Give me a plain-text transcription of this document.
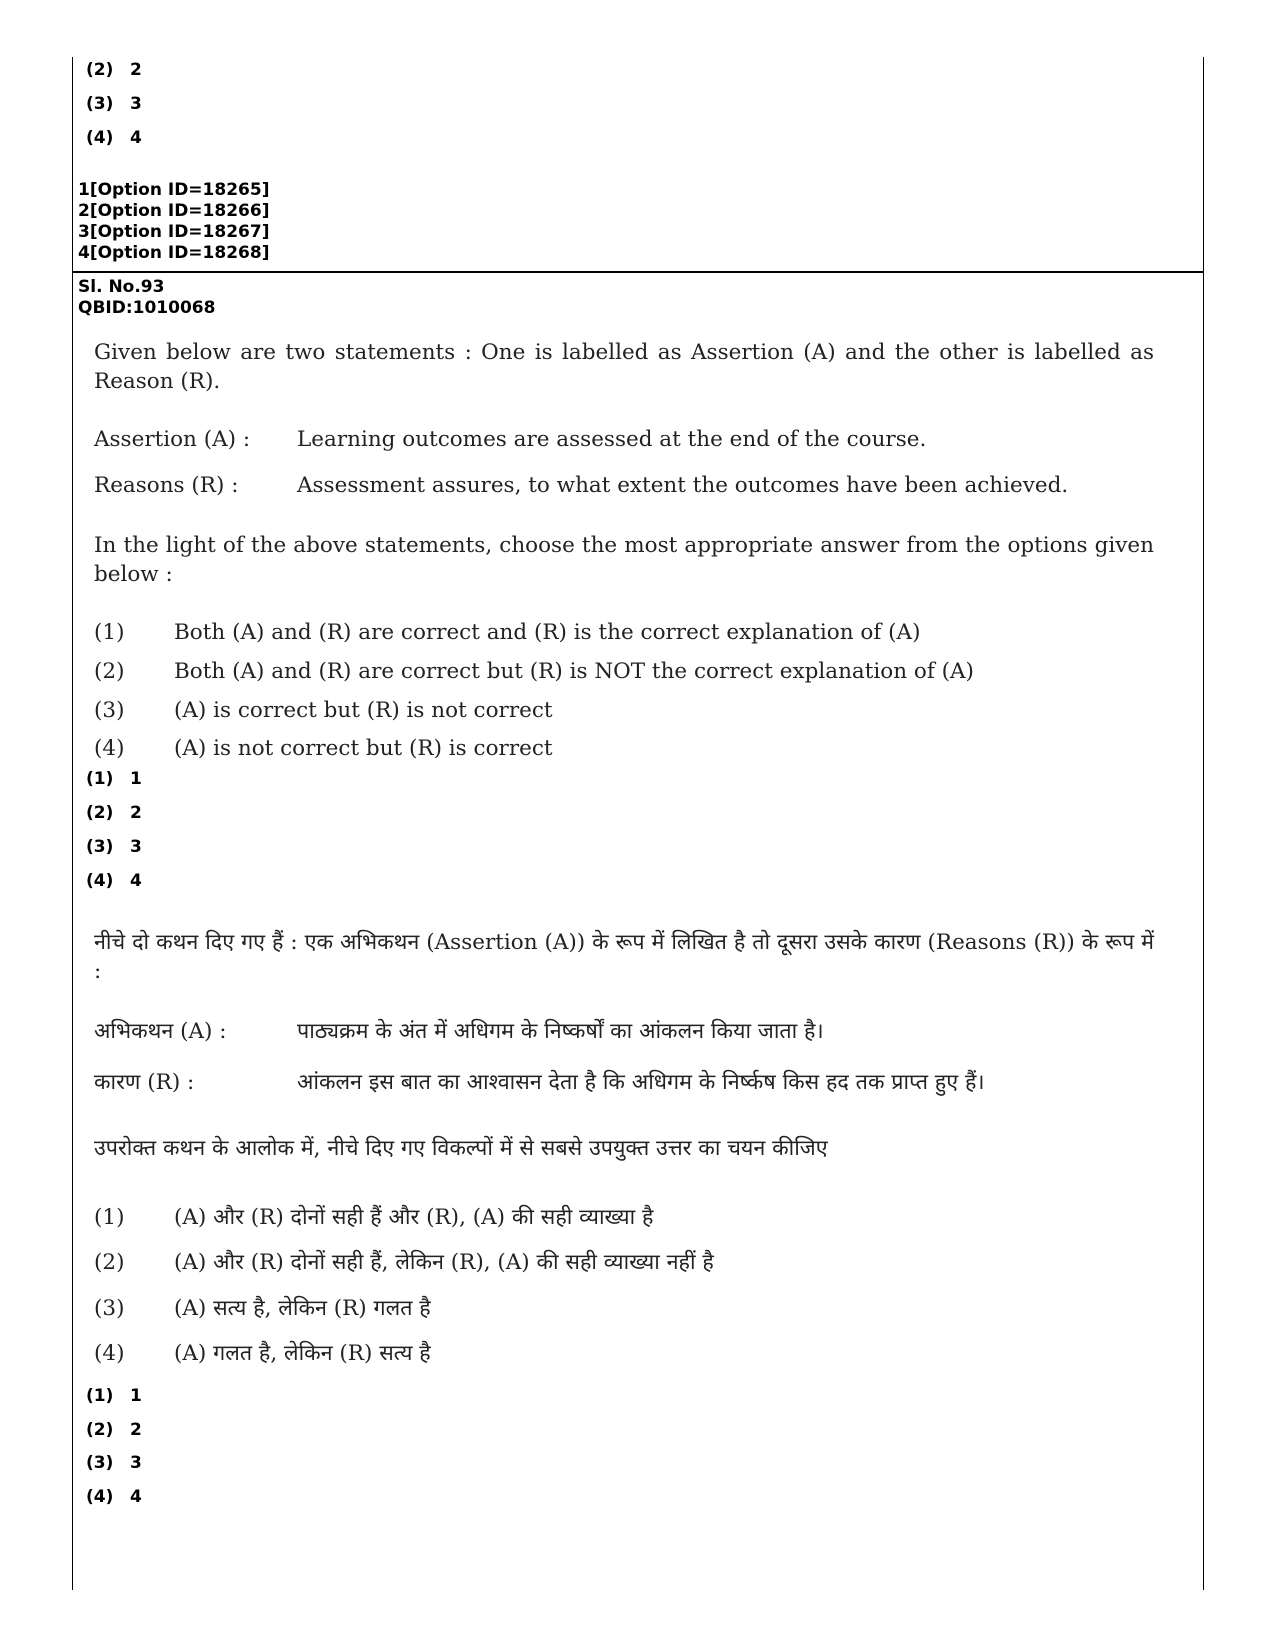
(2) 2
(3) 3
(4) 4
1[Option ID=18265]
2[Option ID=18266]
3[Option ID=18267]
4[Option ID=18268]
Sl. No.93
QBID:1010068
Given below are two statements : One is labelled as Assertion (A) and the other is labelled as Reason (R).
Assertion (A) : Learning outcomes are assessed at the end of the course.
Reasons (R) :	Assessment assures, to what extent the outcomes have been achieved.
In the light of the above statements, choose the most appropriate answer from the options given below :
(1) Both (A) and (R) are correct and (R) is the correct explanation of (A)
(2) Both (A) and (R) are correct but (R) is NOT the correct explanation of (A)
(3) (A) is correct but (R) is not correct
(4) (A) is not correct but (R) is correct
(1) 1
(2) 2
(3) 3
(4) 4
नीचे दो कथन दिए गए हैं : एक अभिकथन (Assertion (A)) के रूप में लिखित है तो दूसरा उसके कारण (Reasons (R)) के रूप में :
अभिकथन (A) :	पाठ्यक्रम के अंत में अधिगम के निष्कर्षों का आंकलन किया जाता है।
कारण (R) :	आंकलन इस बात का आश्वासन देता है कि अधिगम के निर्ष्कष किस हद तक प्राप्त हुए हैं।
उपरोक्त कथन के आलोक में, नीचे दिए गए विकल्पों में से सबसे उपयुक्त उत्तर का चयन कीजिए
(1) (A) और (R) दोनों सही हैं और (R), (A) की सही व्याख्या है
(2) (A) और (R) दोनों सही हैं, लेकिन (R), (A) की सही व्याख्या नहीं है
(3) (A) सत्य है, लेकिन (R) गलत है
(4) (A) गलत है, लेकिन (R) सत्य है
(1) 1
(2) 2
(3) 3
(4) 4
